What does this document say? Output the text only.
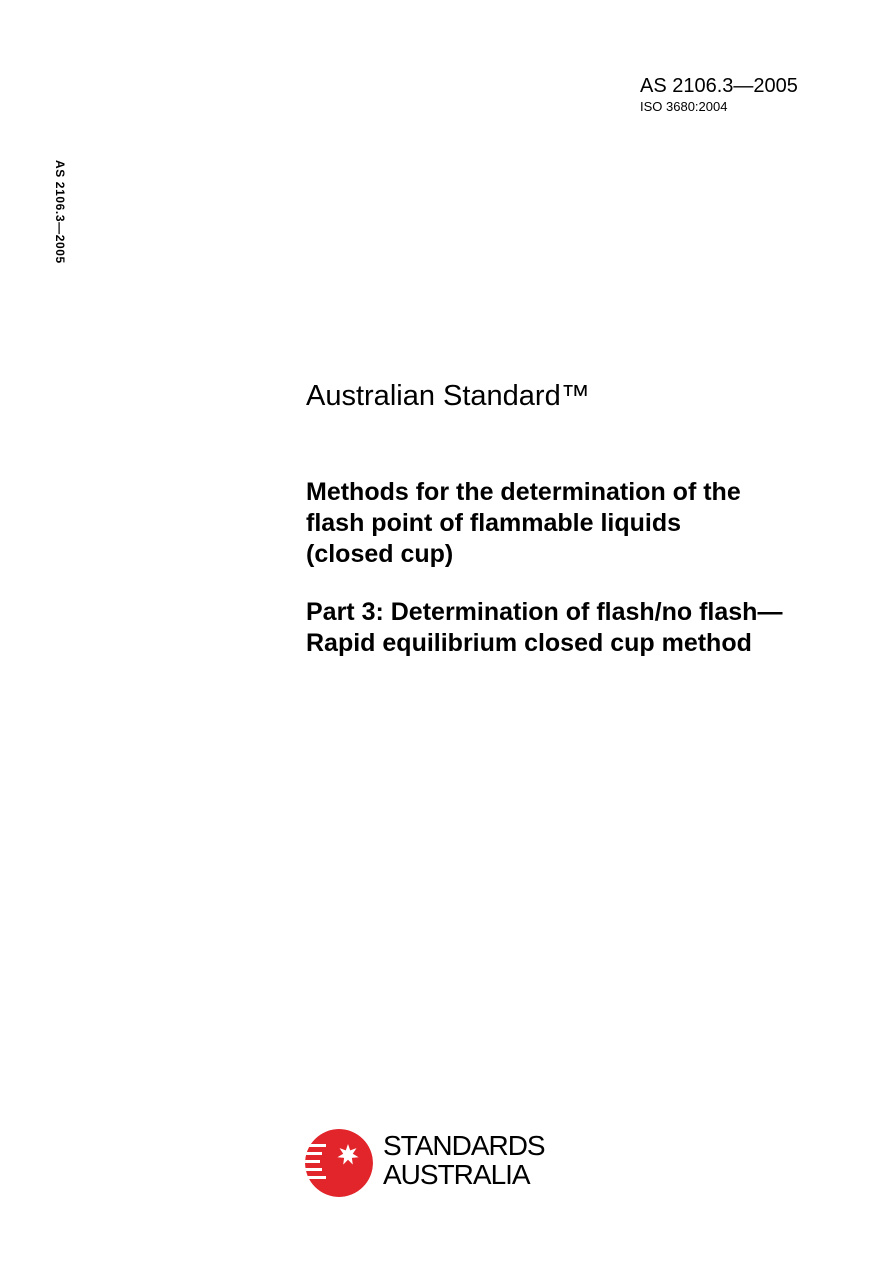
AS 2106.3—2005
ISO 3680:2004
AS 2106.3—2005
Australian Standard™
Methods for the determination of the
flash point of flammable liquids
(closed cup)
Part 3: Determination of flash/no flash—
Rapid equilibrium closed cup method
STANDARDS
AUSTRALIA
